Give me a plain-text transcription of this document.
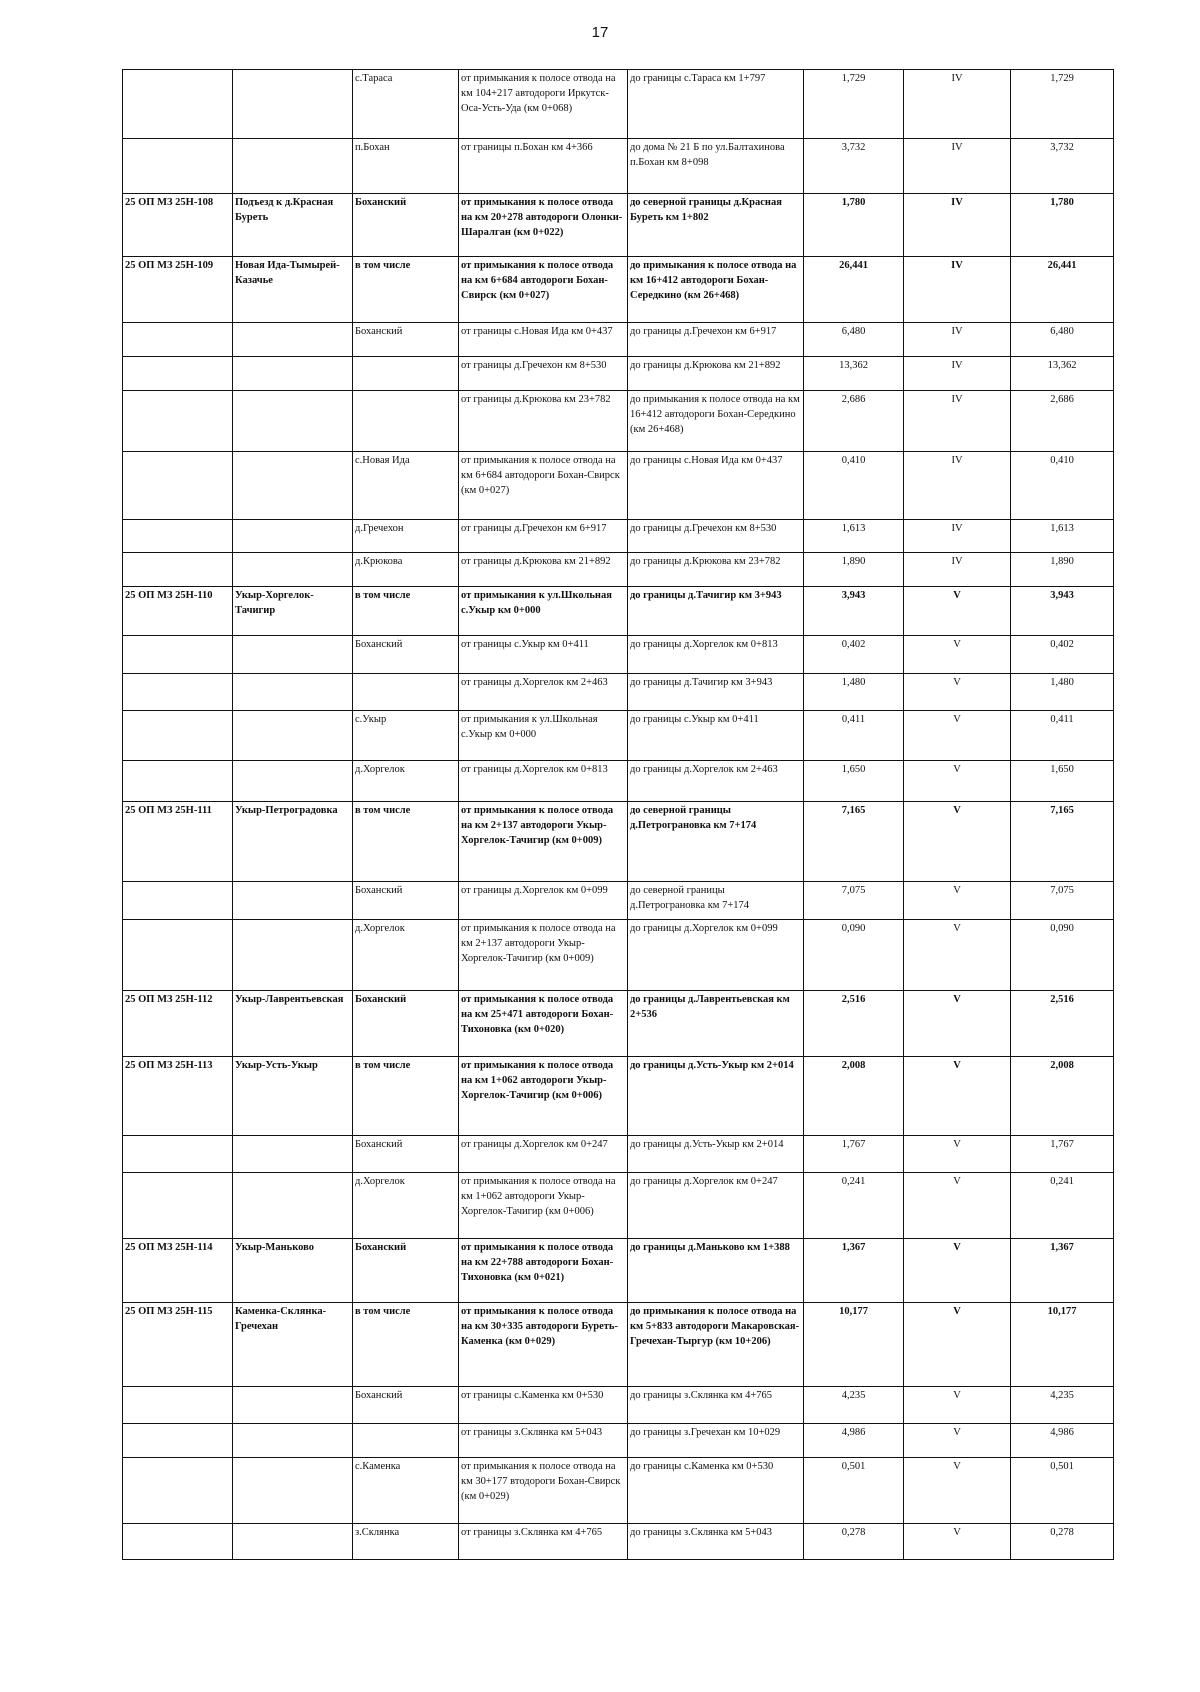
17
		с.Тараса	от примыкания к полосе отвода на км 104+217 автодороги Иркутск-Оса-Усть-Уда (км 0+068)	до границы с.Тараса км 1+797	1,729	IV	1,729
		п.Бохан	от границы п.Бохан км 4+366	до дома № 21 Б по ул.Балтахинова п.Бохан км 8+098	3,732	IV	3,732
25 ОП МЗ 25Н-108	Подъезд к д.Красная Буреть	Боханский	от примыкания к полосе отвода на км 20+278 автодороги Олонки-Шаралган (км 0+022)	до северной границы д.Красная Буреть км 1+802	1,780	IV	1,780
25 ОП МЗ 25Н-109	Новая Ида-Тымырей-Казачье	в том числе	от примыкания к полосе отвода на км 6+684 автодороги Бохан-Свирск (км 0+027)	до примыкания к полосе отвода на км 16+412 автодороги Бохан-Середкино (км 26+468)	26,441	IV	26,441
		Боханский	от границы с.Новая Ида км 0+437	до границы д.Гречехон км 6+917	6,480	IV	6,480
			от границы д.Гречехон км 8+530	до границы д.Крюкова км 21+892	13,362	IV	13,362
			от границы д.Крюкова км 23+782	до примыкания к полосе отвода на км 16+412 автодороги Бохан-Середкино (км 26+468)	2,686	IV	2,686
		с.Новая Ида	от примыкания к полосе отвода на км 6+684 автодороги Бохан-Свирск (км 0+027)	до границы с.Новая Ида км 0+437	0,410	IV	0,410
		д.Гречехон	от границы д.Гречехон км 6+917	до границы д.Гречехон км 8+530	1,613	IV	1,613
		д.Крюкова	от границы д.Крюкова км 21+892	до границы д.Крюкова км 23+782	1,890	IV	1,890
25 ОП МЗ 25Н-110	Укыр-Хоргелок-Тачигир	в том числе	от примыкания к ул.Школьная с.Укыр км 0+000	до границы д.Тачигир км 3+943	3,943	V	3,943
		Боханский	от границы с.Укыр км 0+411	до границы д.Хоргелок км 0+813	0,402	V	0,402
			от границы д.Хоргелок км 2+463	до границы д.Тачигир км 3+943	1,480	V	1,480
		с.Укыр	от примыкания к ул.Школьная с.Укыр км 0+000	до границы с.Укыр км 0+411	0,411	V	0,411
		д.Хоргелок	от границы д.Хоргелок км 0+813	до границы д.Хоргелок км 2+463	1,650	V	1,650
25 ОП МЗ 25Н-111	Укыр-Петроградовка	в том числе	от примыкания к полосе отвода на км 2+137 автодороги Укыр-Хоргелок-Тачигир (км 0+009)	до северной границы д.Петрограновка км 7+174	7,165	V	7,165
		Боханский	от границы д.Хоргелок км 0+099	до северной границы д.Петрограновка км 7+174	7,075	V	7,075
		д.Хоргелок	от примыкания к полосе отвода на км 2+137 автодороги Укыр-Хоргелок-Тачигир (км 0+009)	до границы д.Хоргелок км 0+099	0,090	V	0,090
25 ОП МЗ 25Н-112	Укыр-Лаврентьевская	Боханский	от примыкания к полосе отвода на км 25+471 автодороги Бохан-Тихоновка (км 0+020)	до границы д.Лаврентьевская км 2+536	2,516	V	2,516
25 ОП МЗ 25Н-113	Укыр-Усть-Укыр	в том числе	от примыкания к полосе отвода на км 1+062 автодороги Укыр-Хоргелок-Тачигир (км 0+006)	до границы д.Усть-Укыр км 2+014	2,008	V	2,008
		Боханский	от границы д.Хоргелок км 0+247	до границы д.Усть-Укыр км 2+014	1,767	V	1,767
		д.Хоргелок	от примыкания к полосе отвода на км 1+062 автодороги Укыр-Хоргелок-Тачигир (км 0+006)	до границы д.Хоргелок км 0+247	0,241	V	0,241
25 ОП МЗ 25Н-114	Укыр-Маньково	Боханский	от примыкания к полосе отвода на км 22+788 автодороги Бохан-Тихоновка (км 0+021)	до границы д.Маньково км 1+388	1,367	V	1,367
25 ОП МЗ 25Н-115	Каменка-Склянка-Гречехан	в том числе	от примыкания к полосе отвода на км 30+335 автодороги Буреть-Каменка (км 0+029)	до примыкания к полосе отвода на км 5+833 автодороги Макаровская-Гречехан-Тыргур (км 10+206)	10,177	V	10,177
		Боханский	от границы с.Каменка км 0+530	до границы з.Склянка км 4+765	4,235	V	4,235
			от границы з.Склянка км 5+043	до границы з.Гречехан км 10+029	4,986	V	4,986
		с.Каменка	от примыкания к полосе отвода на км 30+177 втодороги Бохан-Свирск (км 0+029)	до границы с.Каменка км 0+530	0,501	V	0,501
		з.Склянка	от границы з.Склянка км 4+765	до границы з.Склянка км 5+043	0,278	V	0,278
